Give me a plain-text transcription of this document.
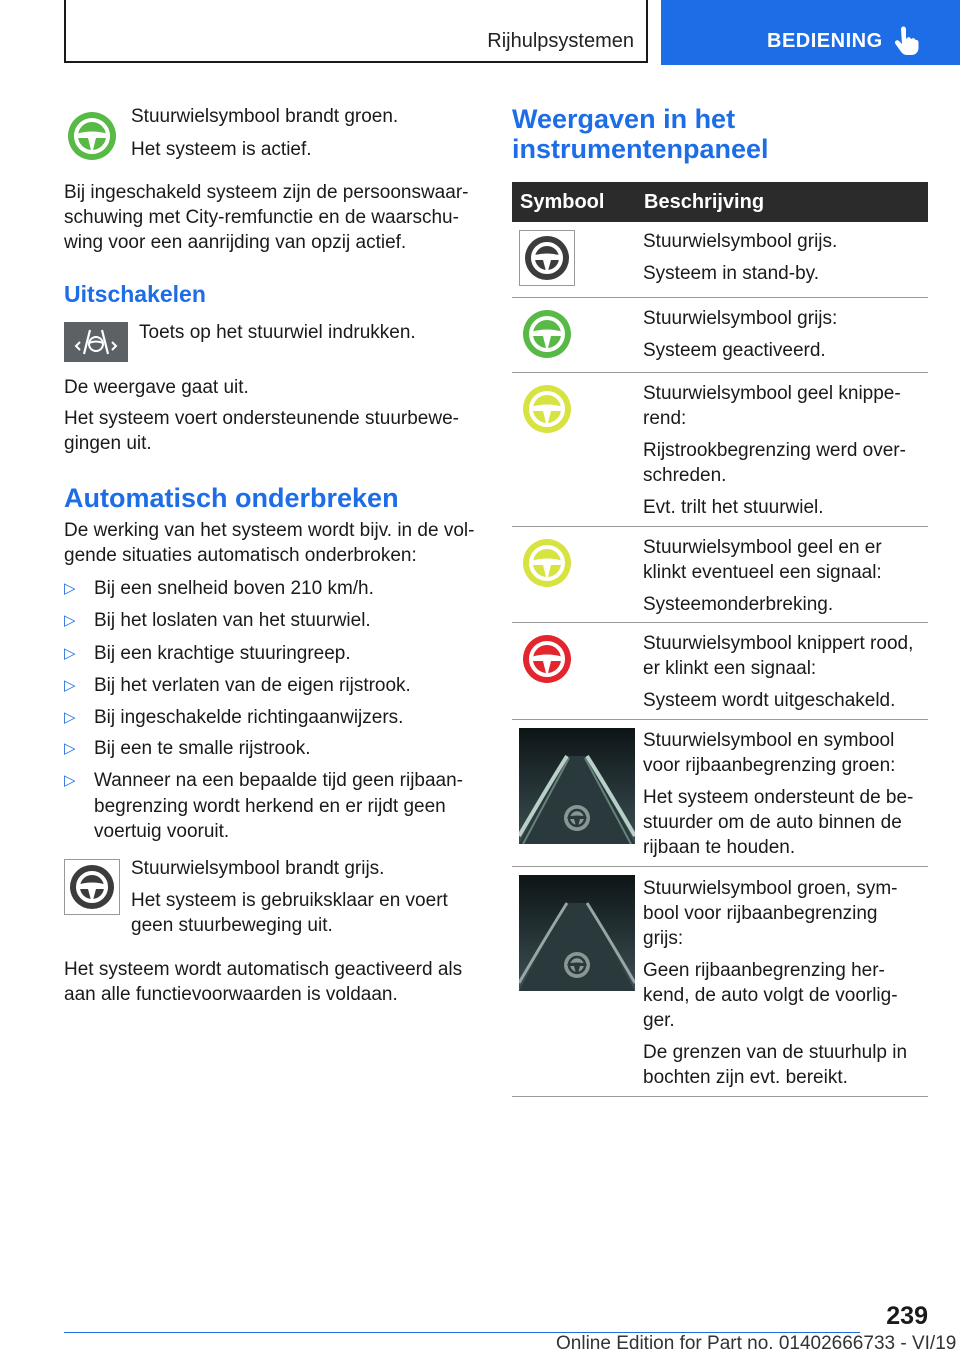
Rijhulpsystemen	BEDIENING
Stuurwielsymbool brandt groen.
Het systeem is actief.
Bij ingeschakeld systeem zijn de persoonswaar-
schuwing met City-remfunctie en de waarschu-
wing voor een aanrijding van opzij actief.
Uitschakelen
Toets op het stuurwiel indrukken.
De weergave gaat uit.
Het systeem voert ondersteunende stuurbewe-
gingen uit.
Automatisch onderbreken
De werking van het systeem wordt bijv. in de vol-
gende situaties automatisch onderbroken:
▷ Bij een snelheid boven 210 km/h.
▷ Bij het loslaten van het stuurwiel.
▷ Bij een krachtige stuuringreep.
▷ Bij het verlaten van de eigen rijstrook.
▷ Bij ingeschakelde richtingaanwijzers.
▷ Bij een te smalle rijstrook.
▷ Wanneer na een bepaalde tijd geen rijbaan-
begrenzing wordt herkend en er rijdt geen
voertuig vooruit.
Stuurwielsymbool brandt grijs.
Het systeem is gebruiksklaar en voert
geen stuurbeweging uit.
Het systeem wordt automatisch geactiveerd als
aan alle functievoorwaarden is voldaan.
Weergaven in het
instrumentenpaneel
Symbool Beschrijving

Stuurwielsymbool grijs.

Systeem in stand-by.

Stuurwielsymbool grijs:

Systeem geactiveerd.

Stuurwielsymbool geel knippe-
rend:

Rijstrookbegrenzing werd over-
schreden.

Evt. trilt het stuurwiel.

Stuurwielsymbool geel en er
klinkt eventueel een signaal:

Systeemonderbreking.

Stuurwielsymbool knippert rood,
er klinkt een signaal:

Systeem wordt uitgeschakeld.

Stuurwielsymbool en symbool
voor rijbaanbegrenzing groen:

Het systeem ondersteunt de be-
stuurder om de auto binnen de
rijbaan te houden.

Stuurwielsymbool groen, sym-
bool voor rijbaanbegrenzing
grijs:

Geen rijbaanbegrenzing her-
kend, de auto volgt de voorlig-
ger.

De grenzen van de stuurhulp in
bochten zijn evt. bereikt.

239
Online Edition for Part no. 01402666733 - VI/19
